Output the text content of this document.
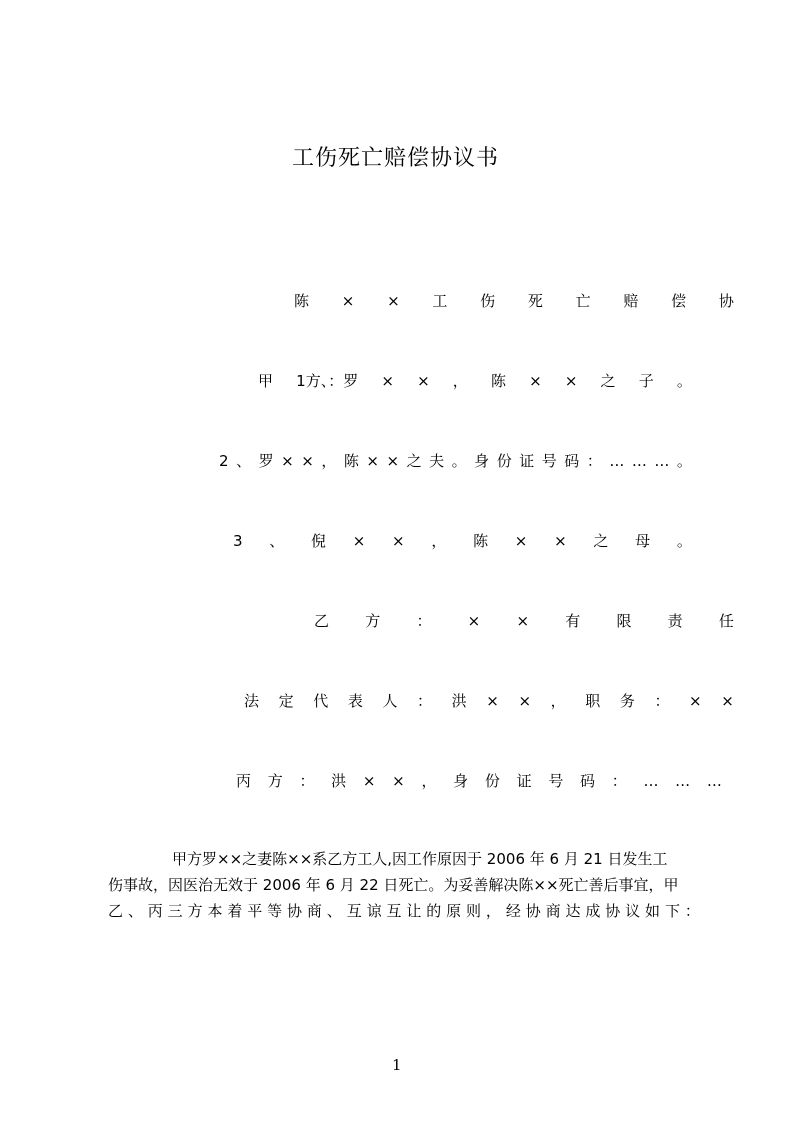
工伤死亡赔偿协议书
陈 × × 工 伤 死 亡 赔 偿 协
甲 1方、：罗 × × ， 陈 × × 之 子 。
2 、 罗 × × ， 陈 × × 之 夫 。 身 份 证 号 码 ： … … … 。
3 、 倪 × × ， 陈 × × 之 母 。
乙 方 ： × × 有 限 责 任
法 定 代 表 人 ： 洪 × × ， 职 务 ： × ×
丙 方 ： 洪 × × ， 身 份 证 号 码 ： … … …
甲方罗××之妻陈××系乙方工人,因工作原因于 2006 年 6 月 21 日发生工
伤事故，因医治无效于 2006 年 6 月 22 日死亡。为妥善解决陈××死亡善后事宜，甲
乙 、 丙 三 方 本 着 平 等 协 商 、 互 谅 互 让 的 原 则 ， 经 协 商 达 成 协 议 如 下 ：
1
